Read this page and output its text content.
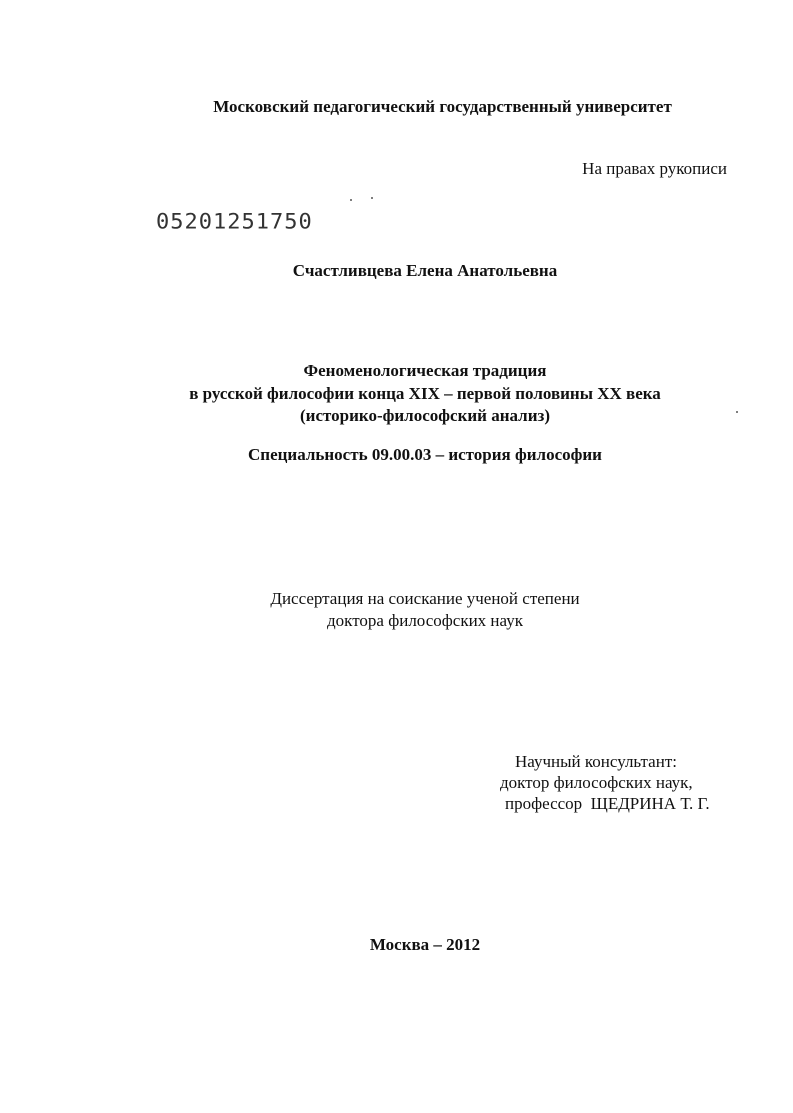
Московский педагогический государственный университет
На правах рукописи
05201251750
Счастливцева Елена Анатольевна
Феноменологическая традиция
в русской философии конца XIX – первой половины XX века
(историко-философский анализ)
Специальность 09.00.03 – история философии
Диссертация на соискание ученой степени
доктора философских наук
Научный консультант:
доктор философских наук,
профессор  ЩЕДРИНА Т. Г.
Москва – 2012
